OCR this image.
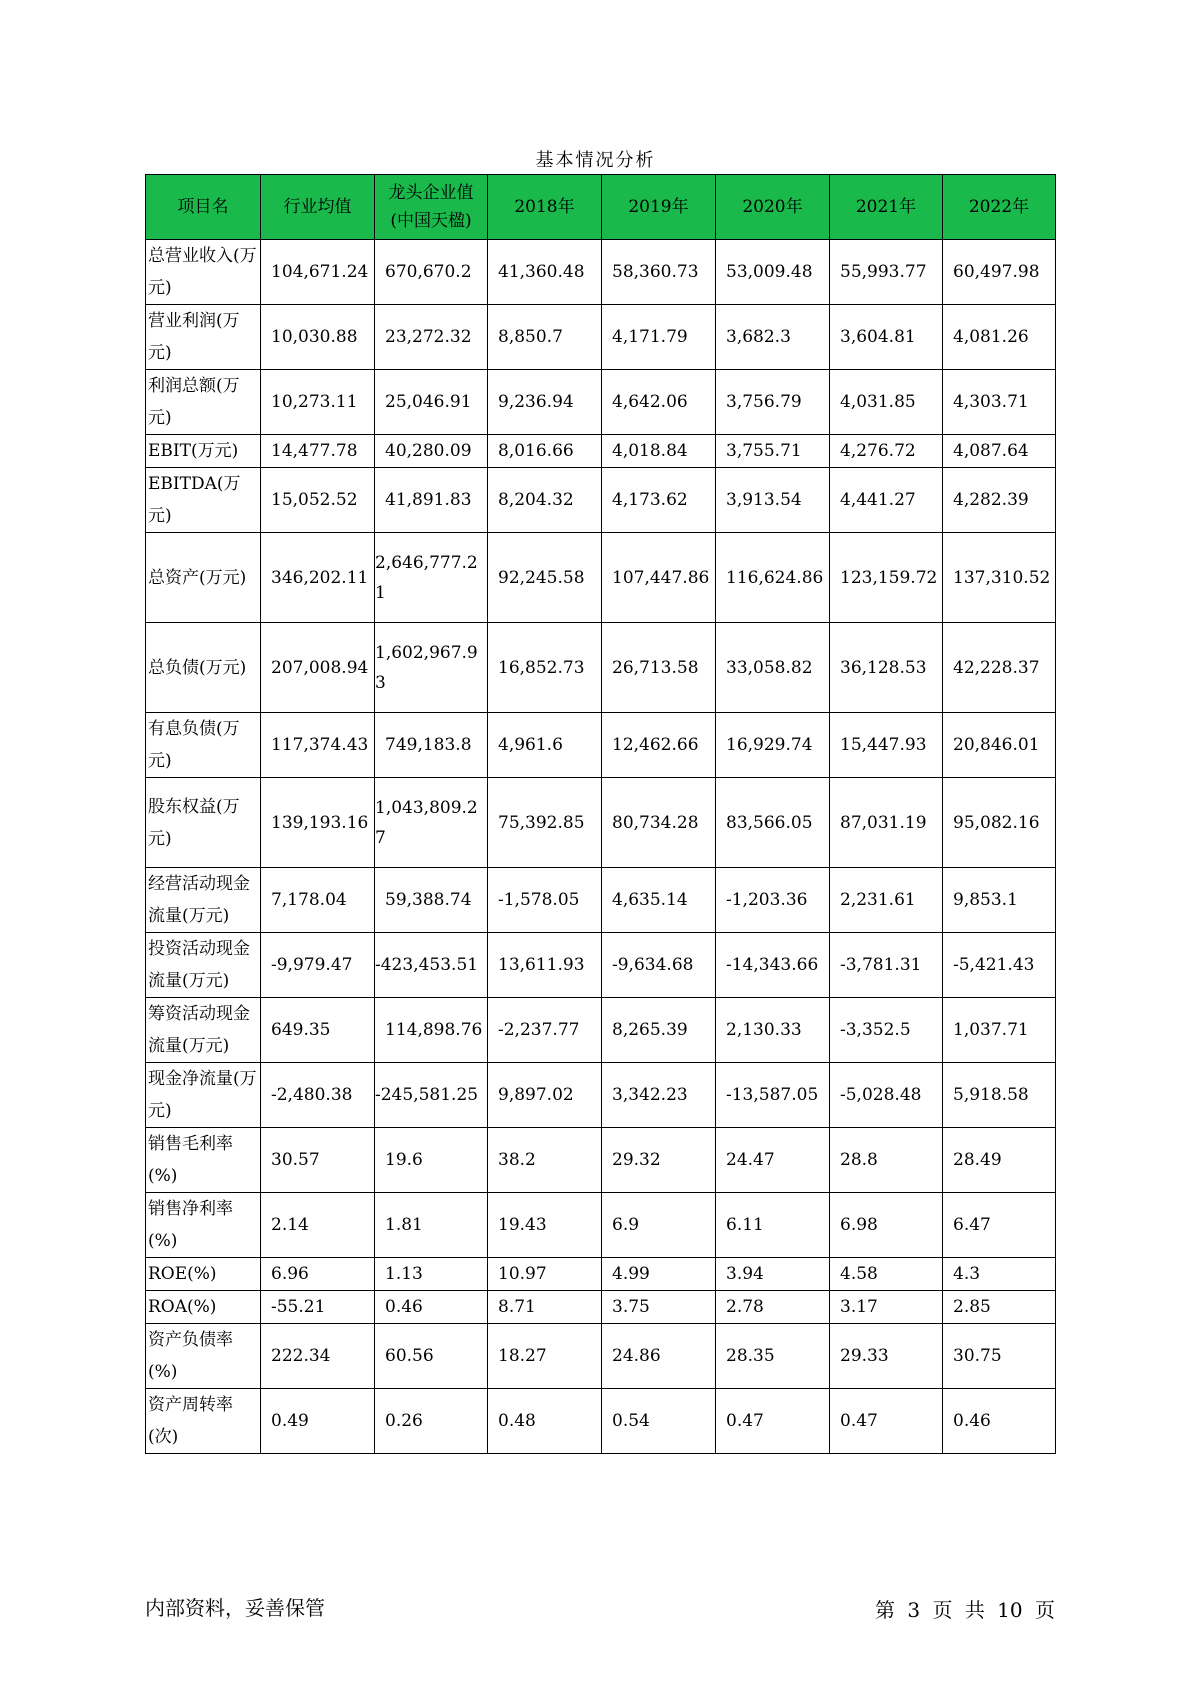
基本情况分析
项目名	行业均值	龙头企业值(中国天楹)	2018年	2019年	2020年	2021年	2022年
总营业收入(万元)	104,671.24	670,670.2	41,360.48	58,360.73	53,009.48	55,993.77	60,497.98
营业利润(万元)	10,030.88	23,272.32	8,850.7	4,171.79	3,682.3	3,604.81	4,081.26
利润总额(万元)	10,273.11	25,046.91	9,236.94	4,642.06	3,756.79	4,031.85	4,303.71
EBIT(万元)	14,477.78	40,280.09	8,016.66	4,018.84	3,755.71	4,276.72	4,087.64
EBITDA(万元)	15,052.52	41,891.83	8,204.32	4,173.62	3,913.54	4,441.27	4,282.39
总资产(万元)	346,202.11	2,646,777.21	92,245.58	107,447.86	116,624.86	123,159.72	137,310.52
总负债(万元)	207,008.94	1,602,967.93	16,852.73	26,713.58	33,058.82	36,128.53	42,228.37
有息负债(万元)	117,374.43	749,183.8	4,961.6	12,462.66	16,929.74	15,447.93	20,846.01
股东权益(万元)	139,193.16	1,043,809.27	75,392.85	80,734.28	83,566.05	87,031.19	95,082.16
经营活动现金流量(万元)	7,178.04	59,388.74	-1,578.05	4,635.14	-1,203.36	2,231.61	9,853.1
投资活动现金流量(万元)	-9,979.47	-423,453.51	13,611.93	-9,634.68	-14,343.66	-3,781.31	-5,421.43
筹资活动现金流量(万元)	649.35	114,898.76	-2,237.77	8,265.39	2,130.33	-3,352.5	1,037.71
现金净流量(万元)	-2,480.38	-245,581.25	9,897.02	3,342.23	-13,587.05	-5,028.48	5,918.58
销售毛利率(%)	30.57	19.6	38.2	29.32	24.47	28.8	28.49
销售净利率(%)	2.14	1.81	19.43	6.9	6.11	6.98	6.47
ROE(%)	6.96	1.13	10.97	4.99	3.94	4.58	4.3
ROA(%)	-55.21	0.46	8.71	3.75	2.78	3.17	2.85
资产负债率(%)	222.34	60.56	18.27	24.86	28.35	29.33	30.75
资产周转率(次)	0.49	0.26	0.48	0.54	0.47	0.47	0.46
内部资料，妥善保管	第 3 页 共 10 页
